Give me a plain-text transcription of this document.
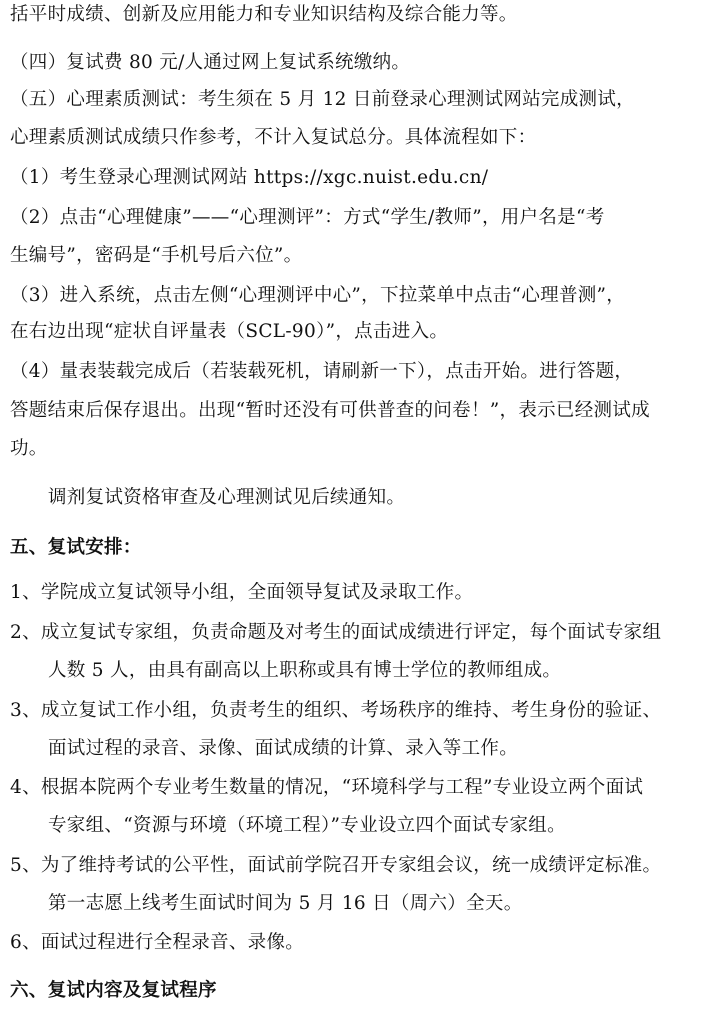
括平时成绩、创新及应用能力和专业知识结构及综合能力等。
（四）复试费 80 元/人通过网上复试系统缴纳。
（五）心理素质测试：考生须在 5 月 12 日前登录心理测试网站完成测试，
心理素质测试成绩只作参考，不计入复试总分。具体流程如下：
（1）考生登录心理测试网站 https://xgc.nuist.edu.cn/
（2）点击“心理健康”——“心理测评”：方式“学生/教师”，用户名是“考
生编号”，密码是“手机号后六位”。
（3）进入系统，点击左侧“心理测评中心”，下拉菜单中点击“心理普测”，
在右边出现“症状自评量表（SCL-90）”，点击进入。
（4）量表装载完成后（若装载死机，请刷新一下），点击开始。进行答题，
答题结束后保存退出。出现“暂时还没有可供普查的问卷！”，表示已经测试成
功。
调剂复试资格审查及心理测试见后续通知。
五、复试安排：
1、学院成立复试领导小组，全面领导复试及录取工作。
2、成立复试专家组，负责命题及对考生的面试成绩进行评定，每个面试专家组
人数 5 人，由具有副高以上职称或具有博士学位的教师组成。
3、成立复试工作小组，负责考生的组织、考场秩序的维持、考生身份的验证、
面试过程的录音、录像、面试成绩的计算、录入等工作。
4、根据本院两个专业考生数量的情况，“环境科学与工程”专业设立两个面试
专家组、“资源与环境（环境工程）”专业设立四个面试专家组。
5、为了维持考试的公平性，面试前学院召开专家组会议，统一成绩评定标准。
第一志愿上线考生面试时间为 5 月 16 日（周六）全天。
6、面试过程进行全程录音、录像。
六、复试内容及复试程序
